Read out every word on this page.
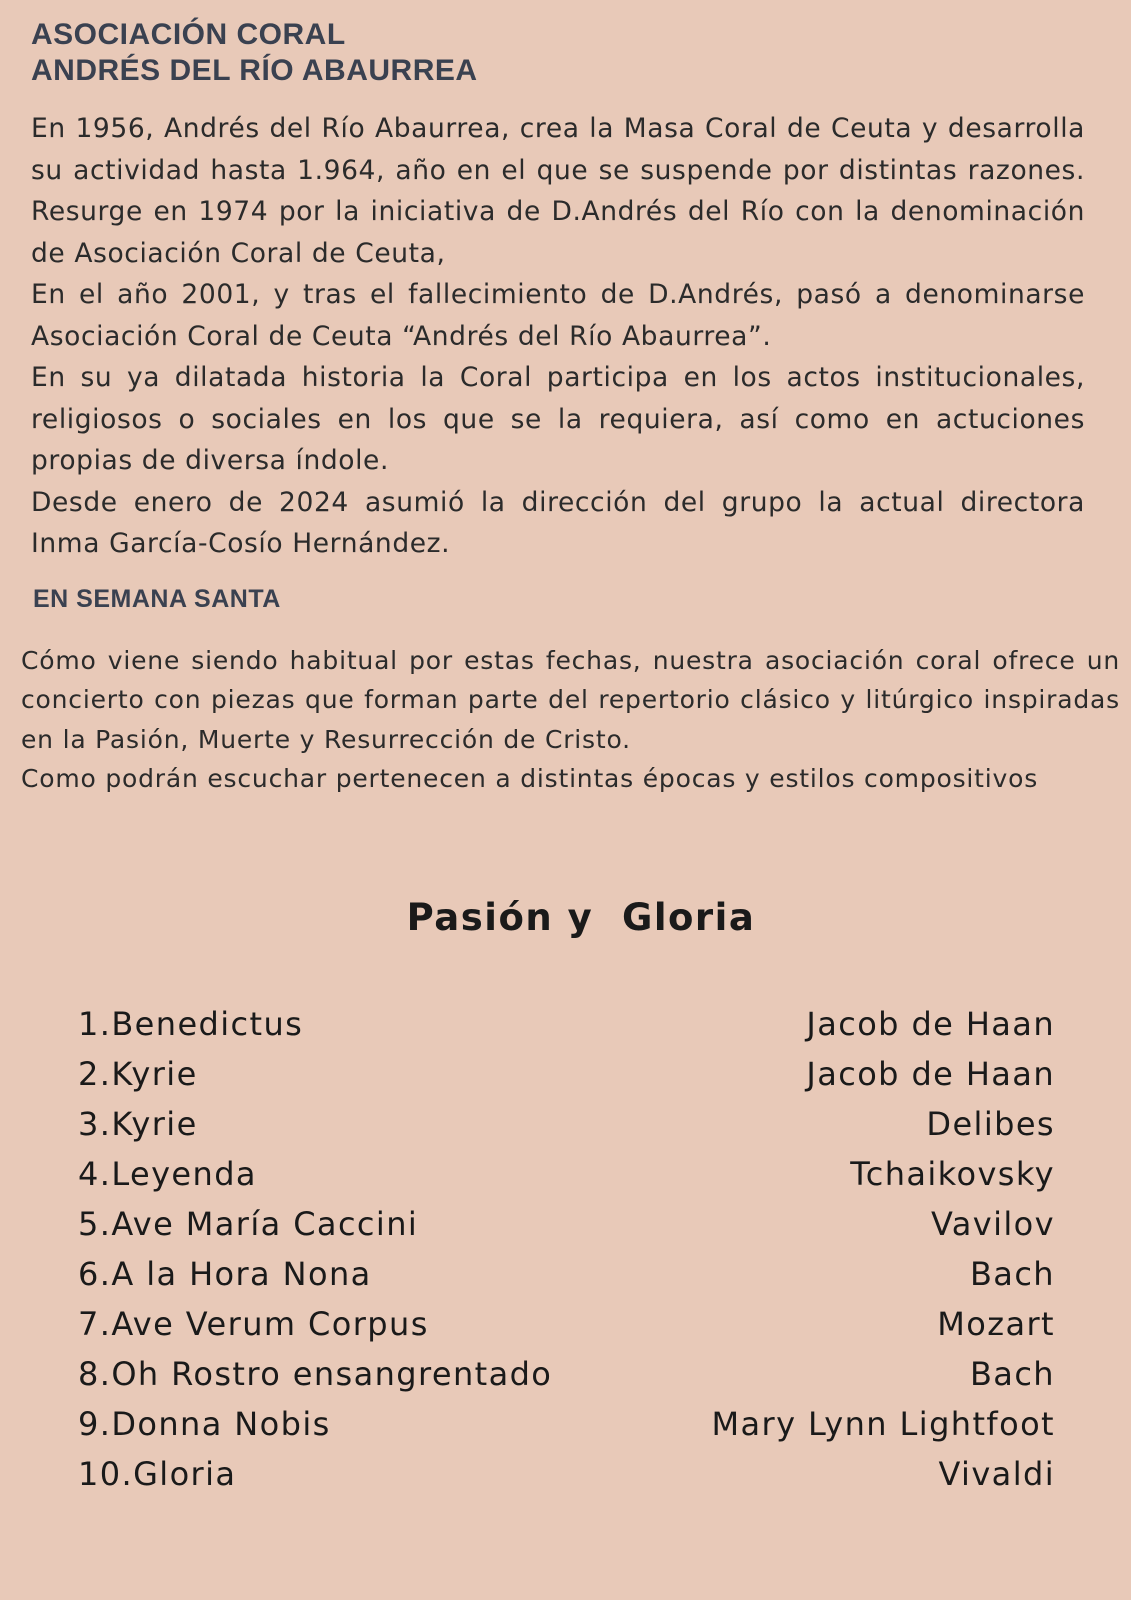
ASOCIACIÓN CORAL
ANDRÉS DEL RÍO ABAURREA

En 1956, Andrés del Río Abaurrea, crea la Masa Coral de Ceuta y desarrolla su actividad hasta 1.964, año en el que se suspende por distintas razones. Resurge en 1974 por la iniciativa de D.Andrés del Río con la denominación de Asociación Coral de Ceuta,

En el año 2001, y tras el fallecimiento de D.Andrés, pasó a denominarse Asociación Coral de Ceuta “Andrés del Río Abaurrea”.

En su ya dilatada historia la Coral participa en los actos institucionales, religiosos o sociales en los que se la requiera, así como en actuciones propias de diversa índole.

Desde enero de 2024 asumió la dirección del grupo la actual directora Inma García-Cosío Hernández.

EN SEMANA SANTA

Cómo viene siendo habitual por estas fechas, nuestra asociación coral ofrece un concierto con piezas que forman parte del repertorio clásico y litúrgico inspiradas en la Pasión, Muerte y Resurrección de Cristo.

Como podrán escuchar pertenecen a distintas épocas y estilos compositivos

Pasión y  Gloria
1.Benedictus	Jacob de Haan
2.Kyrie	Jacob de Haan
3.Kyrie	Delibes
4.Leyenda	Tchaikovsky
5.Ave María Caccini	Vavilov
6.A la Hora Nona	Bach
7.Ave Verum Corpus	Mozart
8.Oh Rostro ensangrentado	Bach
9.Donna Nobis	Mary Lynn Lightfoot
10.Gloria	Vivaldi
